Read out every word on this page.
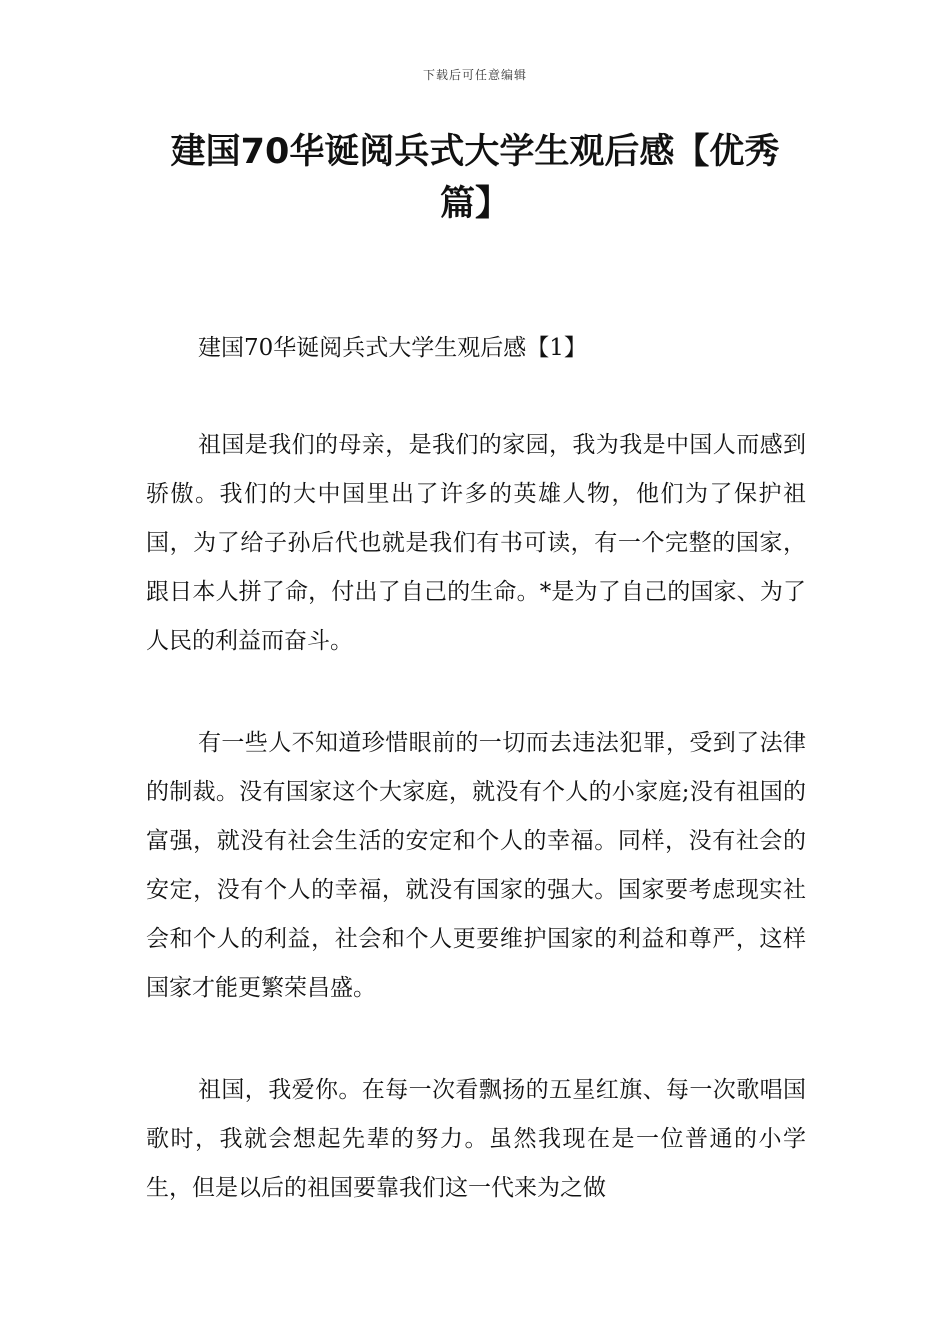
下载后可任意编辑
建国70华诞阅兵式大学生观后感【优秀篇】

建国70华诞阅兵式大学生观后感【1】

祖国是我们的母亲，是我们的家园，我为我是中国人而感到骄傲。我们的大中国里出了许多的英雄人物，他们为了保护祖国，为了给子孙后代也就是我们有书可读，有一个完整的国家，跟日本人拼了命，付出了自己的生命。*是为了自己的国家、为了人民的利益而奋斗。

有一些人不知道珍惜眼前的一切而去违法犯罪，受到了法律的制裁。没有国家这个大家庭，就没有个人的小家庭;没有祖国的富强，就没有社会生活的安定和个人的幸福。同样，没有社会的安定，没有个人的幸福，就没有国家的强大。国家要考虑现实社会和个人的利益，社会和个人更要维护国家的利益和尊严，这样国家才能更繁荣昌盛。

祖国，我爱你。在每一次看飘扬的五星红旗、每一次歌唱国歌时，我就会想起先辈的努力。虽然我现在是一位普通的小学生，但是以后的祖国要靠我们这一代来为之做
